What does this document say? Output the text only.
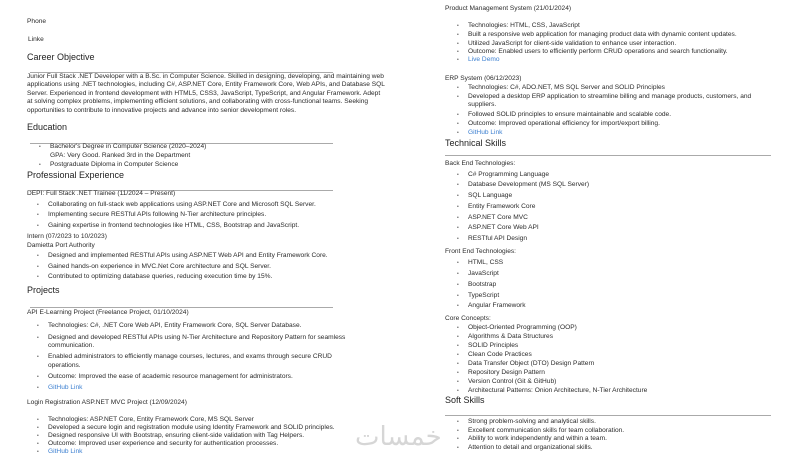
Phone
Linke
Career Objective
Junior Full Stack .NET Developer with a B.Sc. in Computer Science. Skilled in designing, developing, and maintaining web applications using .NET technologies, including C#, ASP.NET Core, Entity Framework Core, Web APIs, and Database SQL Server. Experienced in frontend development with HTML5, CSS3, JavaScript, TypeScript, and Angular Framework. Adept at solving complex problems, implementing efficient solutions, and collaborating with cross-functional teams. Seeking opportunities to contribute to innovative projects and advance into senior development roles.
Education
• Bachelor's Degree in Computer Science (2020–2024)
GPA: Very Good. Ranked 3rd in the Department
• Postgraduate Diploma in Computer Science
Professional Experience
DEPI: Full Stack .NET Trainee (11/2024 – Present)
• Collaborating on full-stack web applications using ASP.NET Core and Microsoft SQL Server.
• Implementing secure RESTful APIs following N-Tier architecture principles.
• Gaining expertise in frontend technologies like HTML, CSS, Bootstrap and JavaScript.
Intern (07/2023 to 10/2023)
Damietta Port Authority
• Designed and implemented RESTful APIs using ASP.NET Web API and Entity Framework Core.
• Gained hands-on experience in MVC.Net Core architecture and SQL Server.
• Contributed to optimizing database queries, reducing execution time by 15%.
Projects
API E-Learning Project (Freelance Project, 01/10/2024)
• Technologies: C#, .NET Core Web API, Entity Framework Core, SQL Server Database.
• Designed and developed RESTful APIs using N-Tier Architecture and Repository Pattern for seamless
communication.
• Enabled administrators to efficiently manage courses, lectures, and exams through secure CRUD
operations.
• Outcome: Improved the ease of academic resource management for administrators.
• GitHub Link
Login Registration ASP.NET MVC Project (12/09/2024)
• Technologies: ASP.NET Core, Entity Framework Core, MS SQL Server
• Developed a secure login and registration module using Identity Framework and SOLID principles.
• Designed responsive UI with Bootstrap, ensuring client-side validation with Tag Helpers.
• Outcome: Improved user experience and security for authentication processes.
• GitHub Link
Product Management System (21/01/2024)
• Technologies: HTML, CSS, JavaScript
• Built a responsive web application for managing product data with dynamic content updates.
• Utilized JavaScript for client-side validation to enhance user interaction.
• Outcome: Enabled users to efficiently perform CRUD operations and search functionality.
• Live Demo
ERP System (06/12/2023)
• Technologies: C#, ADO.NET, MS SQL Server and SOLID Principles
• Developed a desktop ERP application to streamline billing and manage products, customers, and
suppliers.
• Followed SOLID principles to ensure maintainable and scalable code.
• Outcome: Improved operational efficiency for import/export billing.
• GitHub Link
Technical Skills
Back End Technologies:
• C# Programming Language
• Database Development (MS SQL Server)
• SQL Language
• Entity Framework Core
• ASP.NET Core MVC
• ASP.NET Core Web API
• RESTful API Design
Front End Technologies:
• HTML, CSS
• JavaScript
• Bootstrap
• TypeScript
• Angular Framework
Core Concepts:
• Object-Oriented Programming (OOP)
• Algorithms & Data Structures
• SOLID Principles
• Clean Code Practices
• Data Transfer Object (DTO) Design Pattern
• Repository Design Pattern
• Version Control (Git & GitHub)
• Architectural Patterns: Onion Architecture, N-Tier Architecture
Soft Skills
• Strong problem-solving and analytical skills.
• Excellent communication skills for team collaboration.
• Ability to work independently and within a team.
• Attention to detail and organizational skills.
خمسات
